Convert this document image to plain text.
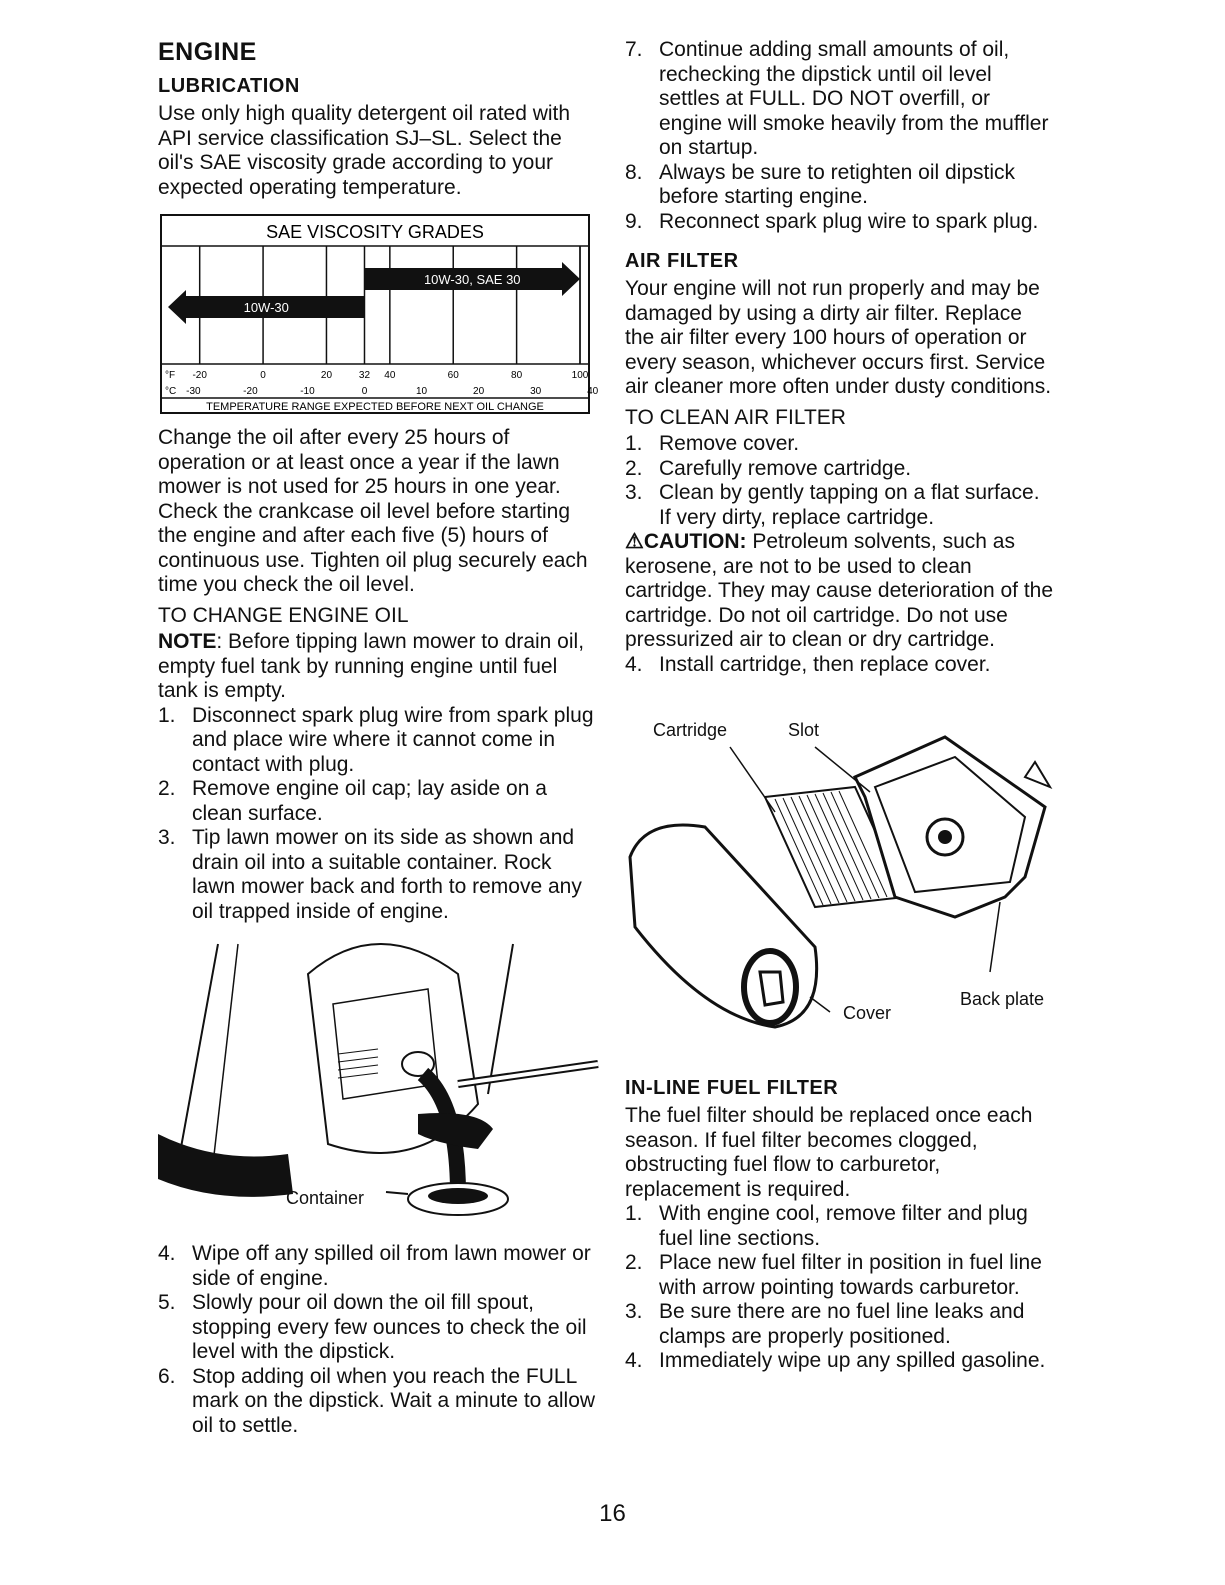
ENGINE
LUBRICATION

Use only high quality detergent oil rated with API service classification SJ–SL. Select the oil's SAE viscosity grade according to your expected operating temperature.

SAE VISCOSITY GRADES
10W-30
10W-30, SAE 30
°F -20	0	20	32 40	60	80	100
°C -30	-20	-10	0	10	20	30	40
TEMPERATURE RANGE EXPECTED BEFORE NEXT OIL CHANGE

Change the oil after every 25 hours of operation or at least once a year if the lawn mower is not used for 25 hours in one year.

Check the crankcase oil level before starting the engine and after each five (5) hours of continuous use. Tighten oil plug securely each time you check the oil level.

TO CHANGE ENGINE OIL

NOTE: Before tipping lawn mower to drain oil, empty fuel tank by running engine until fuel tank is empty.

1. Disconnect spark plug wire from spark plug and place wire where it cannot come in contact with plug.
2. Remove engine oil cap; lay aside on a clean surface.
3. Tip lawn mower on its side as shown and drain oil into a suitable container. Rock lawn mower back and forth to remove any oil trapped inside of engine.
Container
4. Wipe off any spilled oil from lawn mower or side of engine.
5. Slowly pour oil down the oil fill spout, stopping every few ounces to check the oil level with the dipstick.
6. Stop adding oil when you reach the FULL mark on the dipstick. Wait a minute to allow oil to settle.
7. Continue adding small amounts of oil, rechecking the dipstick until oil level settles at FULL. DO NOT overfill, or engine will smoke heavily from the muffler on startup.
8. Always be sure to retighten oil dipstick before starting engine.
9. Reconnect spark plug wire to spark plug.
AIR FILTER

Your engine will not run properly and may be damaged by using a dirty air filter. Replace the air filter every 100 hours of operation or every season, whichever occurs first. Service air cleaner more often under dusty conditions.

TO CLEAN AIR FILTER
1. Remove cover.
2. Carefully remove cartridge.
3. Clean by gently tapping on a flat surface. If very dirty, replace cartridge.

⚠CAUTION: Petroleum solvents, such as kerosene, are not to be used to clean cartridge. They may cause deterioration of the cartridge. Do not oil cartridge. Do not use pressurized air to clean or dry cartridge.

4. Install cartridge, then replace cover.
Cartridge	Slot
Cover
Back plate
IN-LINE FUEL FILTER

The fuel filter should be replaced once each season. If fuel filter becomes clogged, obstructing fuel flow to carburetor, replacement is required.

1. With engine cool, remove filter and plug fuel line sections.
2. Place new fuel filter in position in fuel line with arrow pointing towards carburetor.
3. Be sure there are no fuel line leaks and clamps are properly positioned.
4. Immediately wipe up any spilled gasoline.
16
